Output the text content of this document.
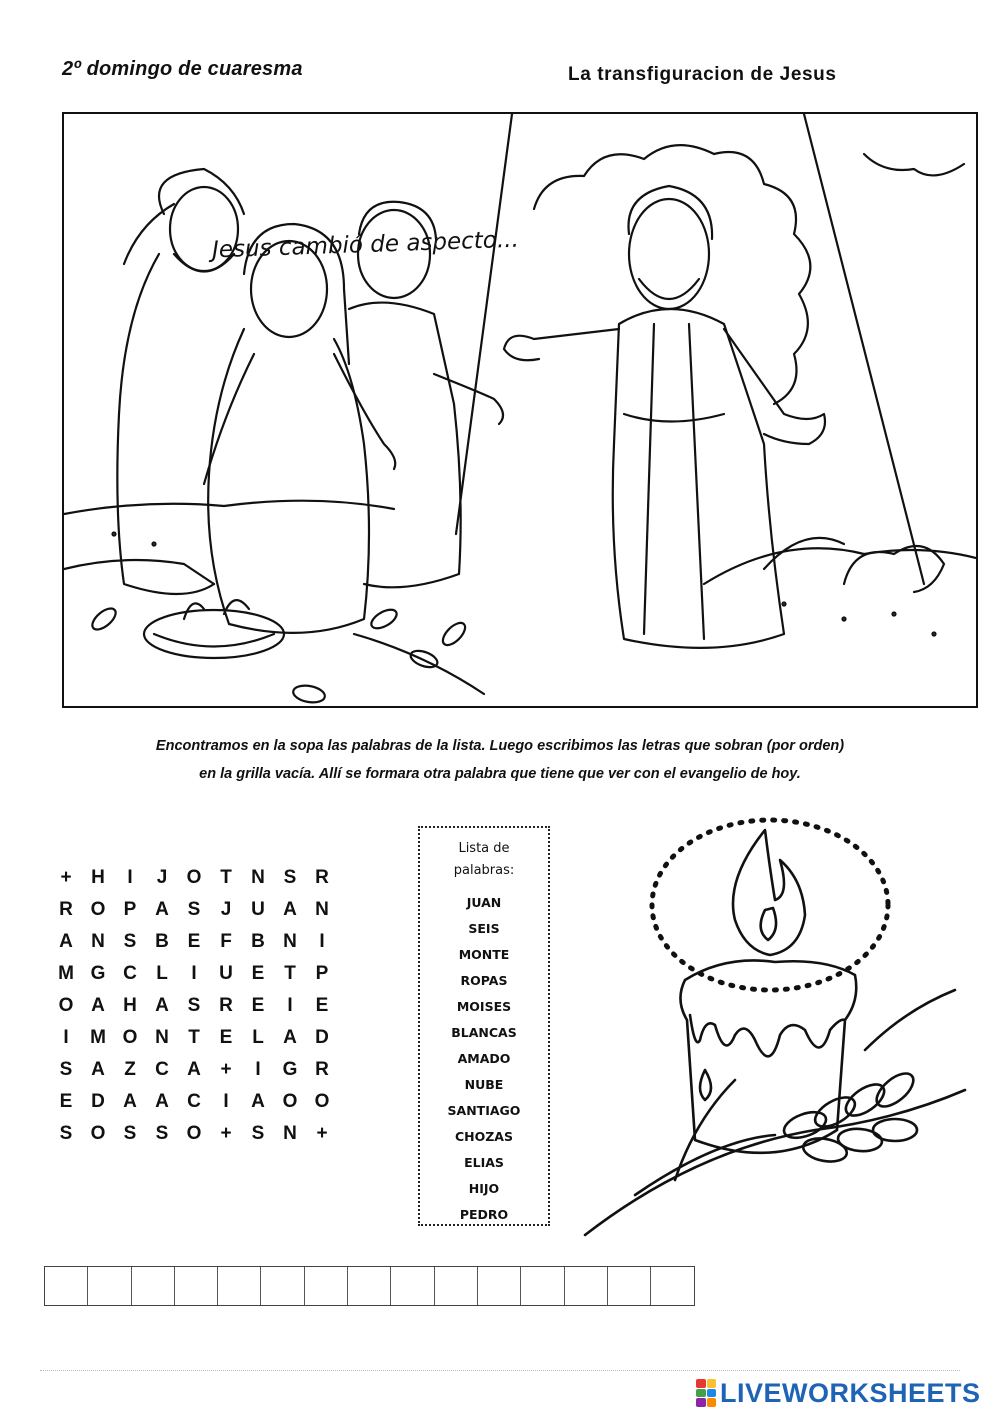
2º domingo de cuaresma	La transfiguracion de Jesus
Jesus cambió de aspecto...
Encontramos en la sopa las palabras de la lista. Luego escribimos las letras que sobran (por orden)
en la grilla vacía. Allí se formara otra palabra que tiene que ver con el evangelio de hoy.
+	H	I	J	O T	N S R
R O P A S	J	U A N
A N S B E	F	B N	I
M G C	L	I	U E	T	P
O A H A S R E	I	E
I	M O N	T	E	L	A D
S A	Z	C A	+	I	G R
E D A A C	I	A O O
S O S	S O	+	S N	+
Lista de
palabras:
JUAN
SEIS
MONTE
ROPAS
MOISES
BLANCAS
AMADO
NUBE
SANTIAGO
CHOZAS
ELIAS
HIJO
PEDRO
LIVEWORKSHEETS
